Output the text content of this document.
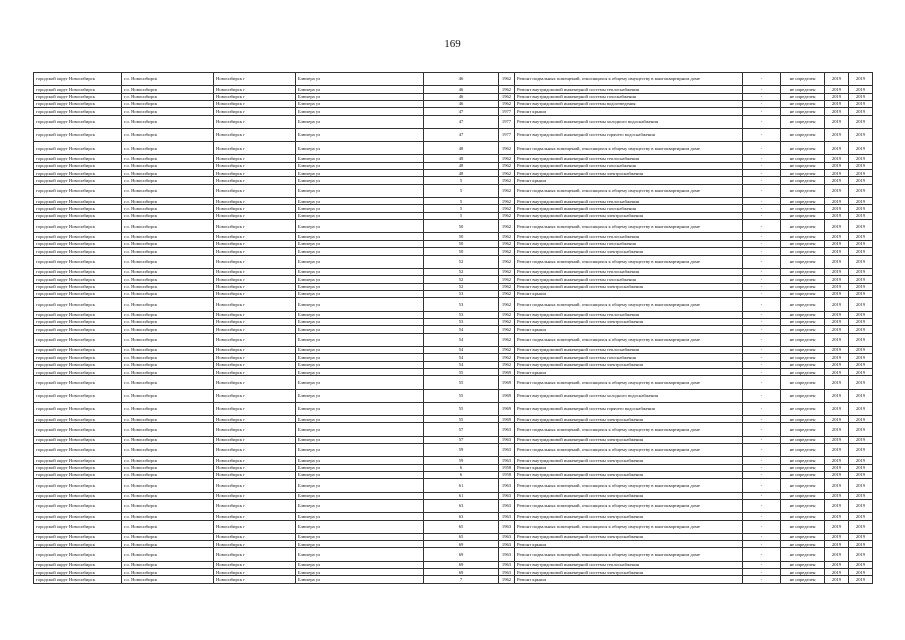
169
городской округ Новосибирск	г.о. Новосибирск	Новосибирск г	Блюхера ул	46	1962	Ремонт подвальных помещений, относящихся к общему имуществу в многоквартирном доме	-	не определен	2019	2019
городской округ Новосибирск	г.о. Новосибирск	Новосибирск г	Блюхера ул	46	1962	Ремонт внутридомовой инженерной системы теплоснабжения	-	не определен	2019	2019
городской округ Новосибирск	г.о. Новосибирск	Новосибирск г	Блюхера ул	46	1962	Ремонт внутридомовой инженерной системы газоснабжения	-	не определен	2019	2019
городской округ Новосибирск	г.о. Новосибирск	Новосибирск г	Блюхера ул	46	1962	Ремонт внутридомовой инженерной системы водоотведения	-	не определен	2019	2019
городской округ Новосибирск	г.о. Новосибирск	Новосибирск г	Блюхера ул	47	1977	Ремонт крыши	-	не определен	2019	2019
городской округ Новосибирск	г.о. Новосибирск	Новосибирск г	Блюхера ул	47	1977	Ремонт внутридомовой инженерной системы холодного водоснабжения	-	не определен	2019	2019
городской округ Новосибирск	г.о. Новосибирск	Новосибирск г	Блюхера ул	47	1977	Ремонт внутридомовой инженерной системы горячего водоснабжения	-	не определен	2019	2019
городской округ Новосибирск	г.о. Новосибирск	Новосибирск г	Блюхера ул	48	1962	Ремонт подвальных помещений, относящихся к общему имуществу в многоквартирном доме	-	не определен	2019	2019
городской округ Новосибирск	г.о. Новосибирск	Новосибирск г	Блюхера ул	48	1962	Ремонт внутридомовой инженерной системы теплоснабжения	-	не определен	2019	2019
городской округ Новосибирск	г.о. Новосибирск	Новосибирск г	Блюхера ул	48	1962	Ремонт внутридомовой инженерной системы газоснабжения	-	не определен	2019	2019
городской округ Новосибирск	г.о. Новосибирск	Новосибирск г	Блюхера ул	48	1962	Ремонт внутридомовой инженерной системы электроснабжения	-	не определен	2019	2019
городской округ Новосибирск	г.о. Новосибирск	Новосибирск г	Блюхера ул	5	1962	Ремонт крыши	-	не определен	2019	2019
городской округ Новосибирск	г.о. Новосибирск	Новосибирск г	Блюхера ул	5	1962	Ремонт подвальных помещений, относящихся к общему имуществу в многоквартирном доме	-	не определен	2019	2019
городской округ Новосибирск	г.о. Новосибирск	Новосибирск г	Блюхера ул	5	1962	Ремонт внутридомовой инженерной системы теплоснабжения	-	не определен	2019	2019
городской округ Новосибирск	г.о. Новосибирск	Новосибирск г	Блюхера ул	5	1962	Ремонт внутридомовой инженерной системы газоснабжения	-	не определен	2019	2019
городской округ Новосибирск	г.о. Новосибирск	Новосибирск г	Блюхера ул	5	1962	Ремонт внутридомовой инженерной системы электроснабжения	-	не определен	2019	2019
городской округ Новосибирск	г.о. Новосибирск	Новосибирск г	Блюхера ул	50	1962	Ремонт подвальных помещений, относящихся к общему имуществу в многоквартирном доме	-	не определен	2019	2019
городской округ Новосибирск	г.о. Новосибирск	Новосибирск г	Блюхера ул	50	1962	Ремонт внутридомовой инженерной системы теплоснабжения	-	не определен	2019	2019
городской округ Новосибирск	г.о. Новосибирск	Новосибирск г	Блюхера ул	50	1962	Ремонт внутридомовой инженерной системы газоснабжения	-	не определен	2019	2019
городской округ Новосибирск	г.о. Новосибирск	Новосибирск г	Блюхера ул	50	1962	Ремонт внутридомовой инженерной системы электроснабжения	-	не определен	2019	2019
городской округ Новосибирск	г.о. Новосибирск	Новосибирск г	Блюхера ул	52	1962	Ремонт подвальных помещений, относящихся к общему имуществу в многоквартирном доме	-	не определен	2019	2019
городской округ Новосибирск	г.о. Новосибирск	Новосибирск г	Блюхера ул	52	1962	Ремонт внутридомовой инженерной системы теплоснабжения	-	не определен	2019	2019
городской округ Новосибирск	г.о. Новосибирск	Новосибирск г	Блюхера ул	52	1962	Ремонт внутридомовой инженерной системы газоснабжения	-	не определен	2019	2019
городской округ Новосибирск	г.о. Новосибирск	Новосибирск г	Блюхера ул	52	1962	Ремонт внутридомовой инженерной системы электроснабжения	-	не определен	2019	2019
городской округ Новосибирск	г.о. Новосибирск	Новосибирск г	Блюхера ул	53	1962	Ремонт крыши	-	не определен	2019	2019
городской округ Новосибирск	г.о. Новосибирск	Новосибирск г	Блюхера ул	53	1962	Ремонт подвальных помещений, относящихся к общему имуществу в многоквартирном доме	-	не определен	2019	2019
городской округ Новосибирск	г.о. Новосибирск	Новосибирск г	Блюхера ул	53	1962	Ремонт внутридомовой инженерной системы теплоснабжения	-	не определен	2019	2019
городской округ Новосибирск	г.о. Новосибирск	Новосибирск г	Блюхера ул	53	1962	Ремонт внутридомовой инженерной системы электроснабжения	-	не определен	2019	2019
городской округ Новосибирск	г.о. Новосибирск	Новосибирск г	Блюхера ул	54	1962	Ремонт крыши	-	не определен	2019	2019
городской округ Новосибирск	г.о. Новосибирск	Новосибирск г	Блюхера ул	54	1962	Ремонт подвальных помещений, относящихся к общему имуществу в многоквартирном доме	-	не определен	2019	2019
городской округ Новосибирск	г.о. Новосибирск	Новосибирск г	Блюхера ул	54	1962	Ремонт внутридомовой инженерной системы теплоснабжения	-	не определен	2019	2019
городской округ Новосибирск	г.о. Новосибирск	Новосибирск г	Блюхера ул	54	1962	Ремонт внутридомовой инженерной системы газоснабжения	-	не определен	2019	2019
городской округ Новосибирск	г.о. Новосибирск	Новосибирск г	Блюхера ул	54	1962	Ремонт внутридомовой инженерной системы электроснабжения	-	не определен	2019	2019
городской округ Новосибирск	г.о. Новосибирск	Новосибирск г	Блюхера ул	55	1969	Ремонт крыши	-	не определен	2019	2019
городской округ Новосибирск	г.о. Новосибирск	Новосибирск г	Блюхера ул	55	1969	Ремонт подвальных помещений, относящихся к общему имуществу в многоквартирном доме	-	не определен	2019	2019
городской округ Новосибирск	г.о. Новосибирск	Новосибирск г	Блюхера ул	55	1969	Ремонт внутридомовой инженерной системы холодного водоснабжения	-	не определен	2019	2019
городской округ Новосибирск	г.о. Новосибирск	Новосибирск г	Блюхера ул	55	1969	Ремонт внутридомовой инженерной системы горячего водоснабжения	-	не определен	2019	2019
городской округ Новосибирск	г.о. Новосибирск	Новосибирск г	Блюхера ул	55	1969	Ремонт внутридомовой инженерной системы электроснабжения	-	не определен	2019	2019
городской округ Новосибирск	г.о. Новосибирск	Новосибирск г	Блюхера ул	57	1963	Ремонт подвальных помещений, относящихся к общему имуществу в многоквартирном доме	-	не определен	2019	2019
городской округ Новосибирск	г.о. Новосибирск	Новосибирск г	Блюхера ул	57	1963	Ремонт внутридомовой инженерной системы электроснабжения	-	не определен	2019	2019
городской округ Новосибирск	г.о. Новосибирск	Новосибирск г	Блюхера ул	59	1963	Ремонт подвальных помещений, относящихся к общему имуществу в многоквартирном доме	-	не определен	2019	2019
городской округ Новосибирск	г.о. Новосибирск	Новосибирск г	Блюхера ул	59	1963	Ремонт внутридомовой инженерной системы электроснабжения	-	не определен	2019	2019
городской округ Новосибирск	г.о. Новосибирск	Новосибирск г	Блюхера ул	6	1958	Ремонт крыши	-	не определен	2019	2019
городской округ Новосибирск	г.о. Новосибирск	Новосибирск г	Блюхера ул	6	1958	Ремонт внутридомовой инженерной системы электроснабжения	-	не определен	2019	2019
городской округ Новосибирск	г.о. Новосибирск	Новосибирск г	Блюхера ул	61	1963	Ремонт подвальных помещений, относящихся к общему имуществу в многоквартирном доме	-	не определен	2019	2019
городской округ Новосибирск	г.о. Новосибирск	Новосибирск г	Блюхера ул	61	1963	Ремонт внутридомовой инженерной системы электроснабжения	-	не определен	2019	2019
городской округ Новосибирск	г.о. Новосибирск	Новосибирск г	Блюхера ул	63	1963	Ремонт подвальных помещений, относящихся к общему имуществу в многоквартирном доме	-	не определен	2019	2019
городской округ Новосибирск	г.о. Новосибирск	Новосибирск г	Блюхера ул	63	1963	Ремонт внутридомовой инженерной системы электроснабжения	-	не определен	2019	2019
городской округ Новосибирск	г.о. Новосибирск	Новосибирск г	Блюхера ул	65	1963	Ремонт подвальных помещений, относящихся к общему имуществу в многоквартирном доме	-	не определен	2019	2019
городской округ Новосибирск	г.о. Новосибирск	Новосибирск г	Блюхера ул	65	1963	Ремонт внутридомовой инженерной системы электроснабжения	-	не определен	2019	2019
городской округ Новосибирск	г.о. Новосибирск	Новосибирск г	Блюхера ул	69	1963	Ремонт крыши	-	не определен	2019	2019
городской округ Новосибирск	г.о. Новосибирск	Новосибирск г	Блюхера ул	69	1963	Ремонт подвальных помещений, относящихся к общему имуществу в многоквартирном доме	-	не определен	2019	2019
городской округ Новосибирск	г.о. Новосибирск	Новосибирск г	Блюхера ул	69	1963	Ремонт внутридомовой инженерной системы теплоснабжения	-	не определен	2019	2019
городской округ Новосибирск	г.о. Новосибирск	Новосибирск г	Блюхера ул	69	1963	Ремонт внутридомовой инженерной системы электроснабжения	-	не определен	2019	2019
городской округ Новосибирск	г.о. Новосибирск	Новосибирск г	Блюхера ул	7	1962	Ремонт крыши	-	не определен	2019	2019
